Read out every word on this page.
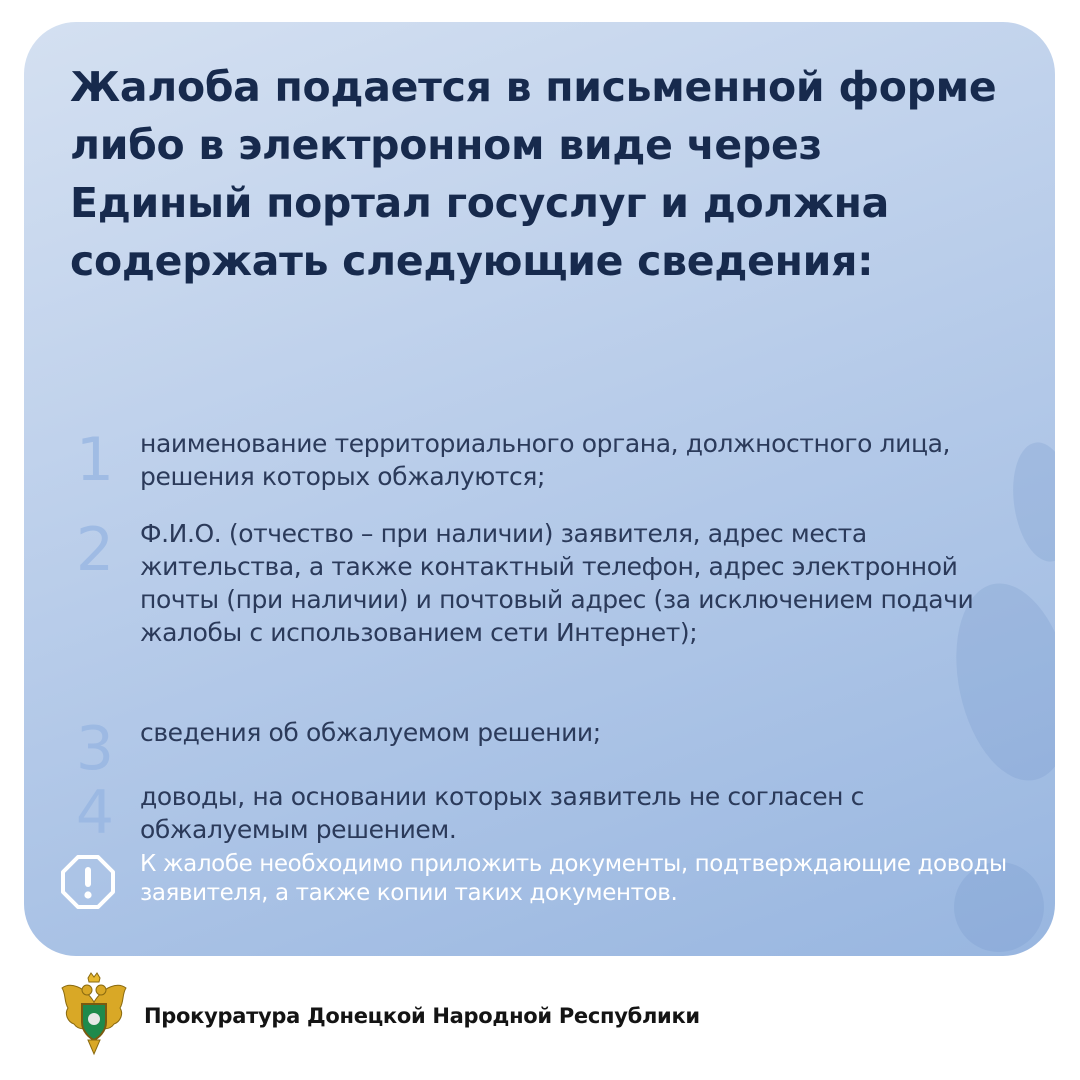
Жалоба подается в письменной форме либо в электронном виде через Единый портал госуслуг и должна содержать следующие сведения:
1	наименование территориального органа, должностного лица, решения которых обжалуются;
2	Ф.И.О. (отчество – при наличии) заявителя, адрес места жительства, а также контактный телефон, адрес электронной почты (при наличии) и почтовый адрес (за исключением подачи жалобы с использованием сети Интернет);
3	сведения об обжалуемом решении;
4	доводы, на основании которых заявитель не согласен с обжалуемым решением.
К жалобе необходимо приложить документы, подтверждающие доводы заявителя, а также копии таких документов.
Прокуратура Донецкой Народной Республики
